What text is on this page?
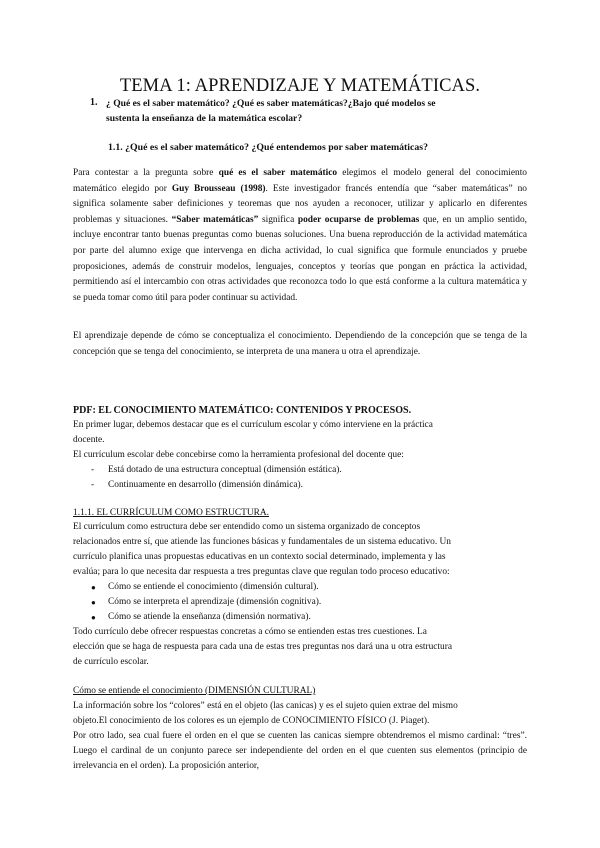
TEMA 1: APRENDIZAJE Y MATEMÁTICAS.
1. ¿ Qué es el saber matemático? ¿Qué es saber matemáticas?¿Bajo qué modelos se
sustenta la enseñanza de la matemática escolar?
1.1. ¿Qué es el saber matemático? ¿Qué entendemos por saber matemáticas?
Para contestar a la pregunta sobre qué es el saber matemático elegimos el modelo general del conocimiento matemático elegido por Guy Brousseau (1998). Este investigador francés entendía que “saber matemáticas” no significa solamente saber definiciones y teoremas que nos ayuden a reconocer, utilizar y aplicarlo en diferentes problemas y situaciones. “Saber matemáticas” significa poder ocuparse de problemas que, en un amplio sentido, incluye encontrar tanto buenas preguntas como buenas soluciones. Una buena reproducción de la actividad matemática por parte del alumno exige que intervenga en dicha actividad, lo cual significa que formule enunciados y pruebe proposiciones, además de construir modelos, lenguajes, conceptos y teorías que pongan en práctica la actividad, permitiendo así el intercambio con otras actividades que reconozca todo lo que está conforme a la cultura matemática y se pueda tomar como útil para poder continuar su actividad.
El aprendizaje depende de cómo se conceptualiza el conocimiento. Dependiendo de la concepción que se tenga de la concepción que se tenga del conocimiento, se interpreta de una manera u otra el aprendizaje.
PDF: EL CONOCIMIENTO MATEMÁTICO: CONTENIDOS Y PROCESOS.
En primer lugar, debemos destacar que es el currículum escolar y cómo interviene en la práctica
docente.
El currículum escolar debe concebirse como la herramienta profesional del docente que:
- Está dotado de una estructura conceptual (dimensión estática).
- Continuamente en desarrollo (dimensión dinámica).
1.1.1. EL CURRÍCULUM COMO ESTRUCTURA.
El currículum como estructura debe ser entendido como un sistema organizado de conceptos
relacionados entre sí, que atiende las funciones básicas y fundamentales de un sistema educativo. Un
currículo planifica unas propuestas educativas en un contexto social determinado, implementa y las
evalúa; para lo que necesita dar respuesta a tres preguntas clave que regulan todo proceso educativo:
● Cómo se entiende el conocimiento (dimensión cultural).
● Cómo se interpreta el aprendizaje (dimensión cognitiva).
● Cómo se atiende la enseñanza (dimensión normativa).
Todo currículo debe ofrecer respuestas concretas a cómo se entienden estas tres cuestiones. La
elección que se haga de respuesta para cada una de estas tres preguntas nos dará una u otra estructura
de currículo escolar.
Cómo se entiende el conocimiento (DIMENSIÓN CULTURAL)
La información sobre los “colores” está en el objeto (las canicas) y es el sujeto quien extrae del mismo
objeto.El conocimiento de los colores es un ejemplo de CONOCIMIENTO FÍSICO (J. Piaget).
Por otro lado, sea cual fuere el orden en el que se cuenten las canicas siempre obtendremos el mismo cardinal: “tres”. Luego el cardinal de un conjunto parece ser independiente del orden en el que cuenten sus elementos (principio de irrelevancia en el orden). La proposición anterior,
